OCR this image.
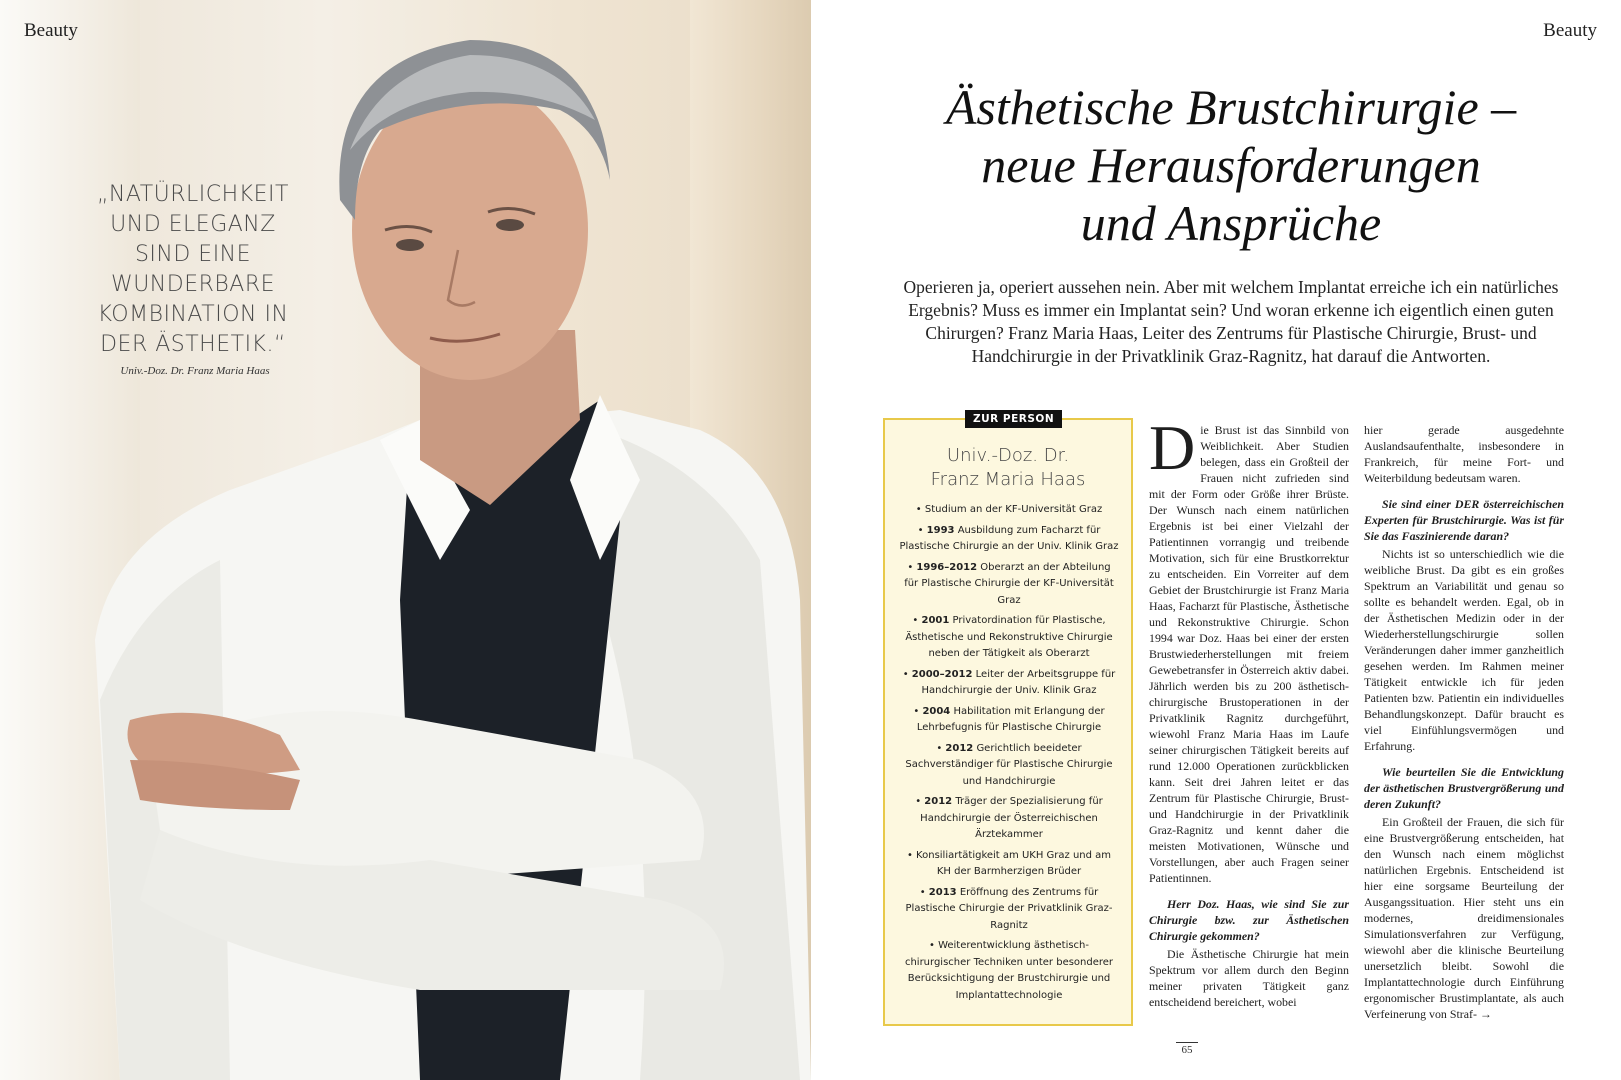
Beauty
„NATÜRLICHKEIT UND ELEGANZ SIND EINE WUNDERBARE KOMBINATION IN DER ÄSTHETIK.“
Univ.-Doz. Dr. Franz Maria Haas
Beauty
Ästhetische Brustchirurgie –
neue Herausforderungen
und Ansprüche

Operieren ja, operiert aussehen nein. Aber mit welchem Implantat erreiche ich ein natürliches Ergebnis? Muss es immer ein Implantat sein? Und woran erkenne ich eigentlich einen guten Chirurgen? Franz Maria Haas, Leiter des Zentrums für Plastische Chirurgie, Brust- und Handchirurgie in der Privatklinik Graz-Ragnitz, hat darauf die Antworten.

ZUR PERSON
Univ.-Doz. Dr.
Franz Maria Haas
• Studium an der KF-Universität Graz
• 1993 Ausbildung zum Facharzt für Plastische Chirurgie an der Univ. Klinik Graz
• 1996–2012 Oberarzt an der Abteilung für Plastische Chirurgie der KF-Universität Graz
• 2001 Privatordination für Plastische, Ästhetische und Rekonstruktive Chirurgie neben der Tätigkeit als Oberarzt
• 2000–2012 Leiter der Arbeitsgruppe für Handchirurgie der Univ. Klinik Graz
• 2004 Habilitation mit Erlangung der Lehrbefugnis für Plastische Chirurgie
• 2012 Gerichtlich beeideter Sachverständiger für Plastische Chirurgie und Handchirurgie
• 2012 Träger der Spezialisierung für Handchirurgie der Österreichischen Ärztekammer
• Konsiliartätigkeit am UKH Graz und am KH der Barmherzigen Brüder
• 2013 Eröffnung des Zentrums für Plastische Chirurgie der Privatklinik Graz-Ragnitz
• Weiterentwicklung ästhetisch-chirurgischer Techniken unter besonderer Berücksichtigung der Brustchirurgie und Implantattechnologie

Die Brust ist das Sinnbild von Weiblichkeit. Aber Studien belegen, dass ein Großteil der Frauen nicht zufrieden sind mit der Form oder Größe ihrer Brüste. Der Wunsch nach einem natürlichen Ergebnis ist bei einer Vielzahl der Patientinnen vorrangig und treibende Motivation, sich für eine Brustkorrektur zu entscheiden. Ein Vorreiter auf dem Gebiet der Brustchirurgie ist Franz Maria Haas, Facharzt für Plastische, Ästhetische und Rekonstruktive Chirurgie. Schon 1994 war Doz. Haas bei einer der ersten Brustwiederherstellungen mit freiem Gewebetransfer in Österreich aktiv dabei. Jährlich werden bis zu 200 ästhetisch-chirurgische Brustoperationen in der Privatklinik Ragnitz durchgeführt, wiewohl Franz Maria Haas im Laufe seiner chirurgischen Tätigkeit bereits auf rund 12.000 Operationen zurückblicken kann. Seit drei Jahren leitet er das Zentrum für Plastische Chirurgie, Brust- und Handchirurgie in der Privatklinik Graz-Ragnitz und kennt daher die meisten Motivationen, Wünsche und Vorstellungen, aber auch Fragen seiner Patientinnen.

Herr Doz. Haas, wie sind Sie zur Chirurgie bzw. zur Ästhetischen Chirurgie gekommen?

Die Ästhetische Chirurgie hat mein Spektrum vor allem durch den Beginn meiner privaten Tätigkeit ganz entscheidend bereichert, wobei

hier gerade ausgedehnte Auslandsaufenthalte, insbesondere in Frankreich, für meine Fort- und Weiterbildung bedeutsam waren.

Sie sind einer DER österreichischen Experten für Brustchirurgie. Was ist für Sie das Faszinierende daran?

Nichts ist so unterschiedlich wie die weibliche Brust. Da gibt es ein großes Spektrum an Variabilität und genau so sollte es behandelt werden. Egal, ob in der Ästhetischen Medizin oder in der Wiederherstellungschirurgie sollen Veränderungen daher immer ganzheitlich gesehen werden. Im Rahmen meiner Tätigkeit entwickle ich für jeden Patienten bzw. Patientin ein individuelles Behandlungskonzept. Dafür braucht es viel Einfühlungsvermögen und Erfahrung.

Wie beurteilen Sie die Entwicklung der ästhetischen Brustvergrößerung und deren Zukunft?

Ein Großteil der Frauen, die sich für eine Brustvergrößerung entscheiden, hat den Wunsch nach einem möglichst natürlichen Ergebnis. Entscheidend ist hier eine sorgsame Beurteilung der Ausgangssituation. Hier steht uns ein modernes, dreidimensionales Simulationsverfahren zur Verfügung, wiewohl aber die klinische Beurteilung unersetzlich bleibt. Sowohl die Implantattechnologie durch Einführung ergonomischer Brustimplantate, als auch Verfeinerung von Straf- →

65
